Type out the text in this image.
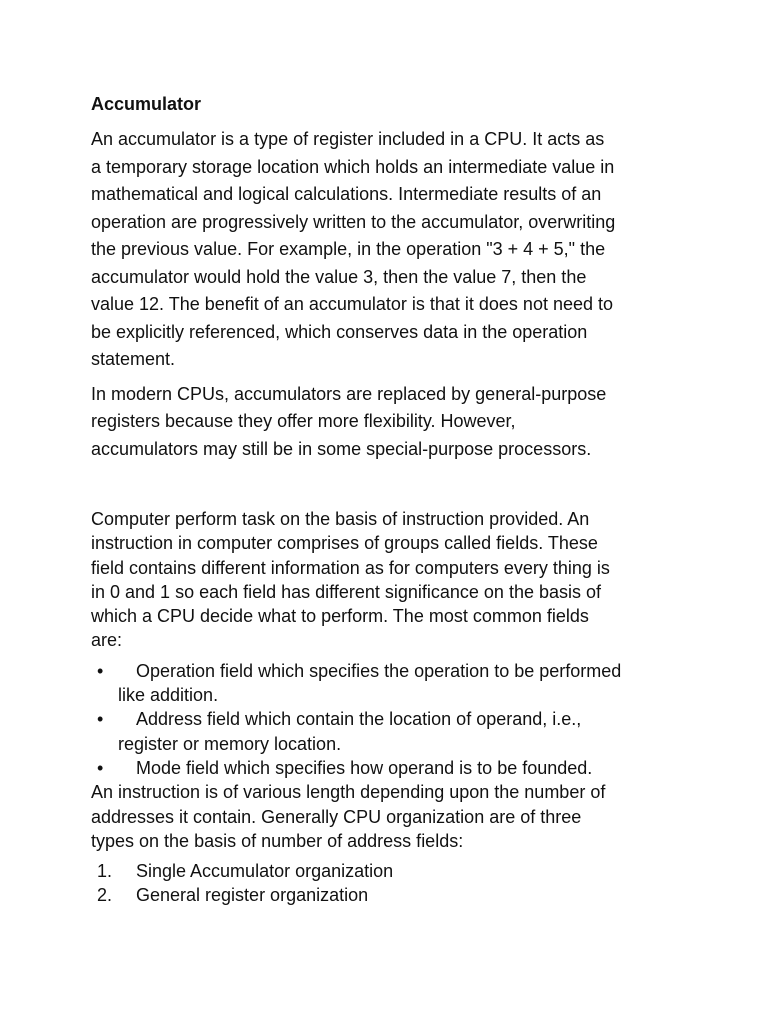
Accumulator

An accumulator is a type of register included in a CPU. It acts as
a temporary storage location which holds an intermediate value in
mathematical and logical calculations. Intermediate results of an
operation are progressively written to the accumulator, overwriting
the previous value. For example, in the operation "3 + 4 + 5," the
accumulator would hold the value 3, then the value 7, then the
value 12. The benefit of an accumulator is that it does not need to
be explicitly referenced, which conserves data in the operation
statement.

In modern CPUs, accumulators are replaced by general-purpose
registers because they offer more flexibility. However,
accumulators may still be in some special-purpose processors.

Computer perform task on the basis of instruction provided. An
instruction in computer comprises of groups called fields. These
field contains different information as for computers every thing is
in 0 and 1 so each field has different significance on the basis of
which a CPU decide what to perform. The most common fields
are:

• Operation field which specifies the operation to be performed
like addition.
• Address field which contain the location of operand, i.e.,
register or memory location.
• Mode field which specifies how operand is to be founded.

An instruction is of various length depending upon the number of
addresses it contain. Generally CPU organization are of three
types on the basis of number of address fields:

1. Single Accumulator organization
2. General register organization
